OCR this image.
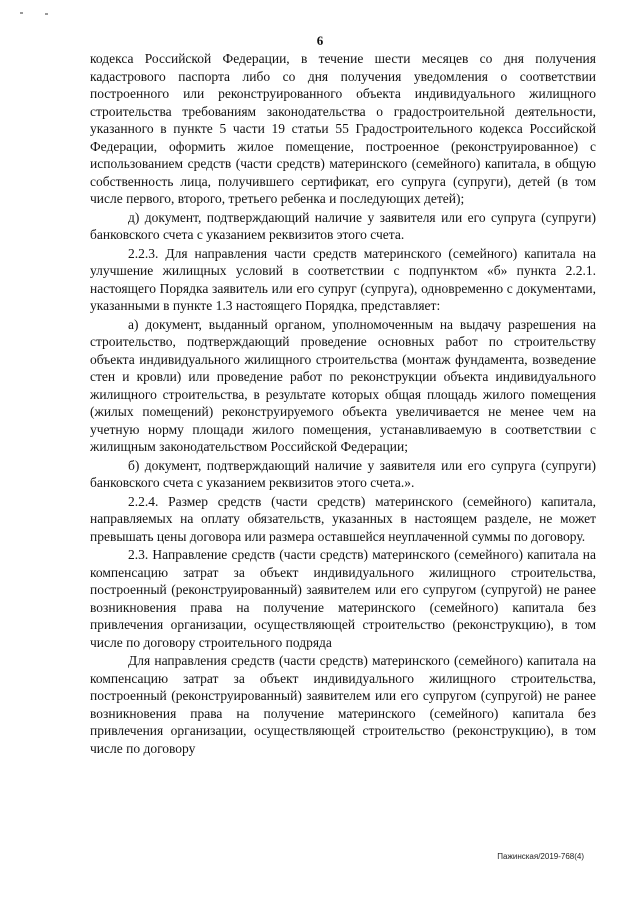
6

кодекса Российской Федерации, в течение шести месяцев со дня получения кадастрового паспорта либо со дня получения уведомления о соответствии построенного или реконструированного объекта индивидуального жилищного строительства требованиям законодательства о градостроительной деятельности, указанного в пункте 5 части 19 статьи 55 Градостроительного кодекса Российской Федерации, оформить жилое помещение, построенное (реконструированное) с использованием средств (части средств) материнского (семейного) капитала, в общую собственность лица, получившего сертификат, его супруга (супруги), детей (в том числе первого, второго, третьего ребенка и последующих детей);

д) документ, подтверждающий наличие у заявителя или его супруга (супруги) банковского счета с указанием реквизитов этого счета.

2.2.3. Для направления части средств материнского (семейного) капитала на улучшение жилищных условий в соответствии с подпунктом «б» пункта 2.2.1. настоящего Порядка заявитель или его супруг (супруга), одновременно с документами, указанными в пункте 1.3 настоящего Порядка, представляет:

а) документ, выданный органом, уполномоченным на выдачу разрешения на строительство, подтверждающий проведение основных работ по строительству объекта индивидуального жилищного строительства (монтаж фундамента, возведение стен и кровли) или проведение работ по реконструкции объекта индивидуального жилищного строительства, в результате которых общая площадь жилого помещения (жилых помещений) реконструируемого объекта увеличивается не менее чем на учетную норму площади жилого помещения, устанавливаемую в соответствии с жилищным законодательством Российской Федерации;

б) документ, подтверждающий наличие у заявителя или его супруга (супруги) банковского счета с указанием реквизитов этого счета.».

2.2.4. Размер средств (части средств) материнского (семейного) капитала, направляемых на оплату обязательств, указанных в настоящем разделе, не может превышать цены договора или размера оставшейся неуплаченной суммы по договору.

2.3. Направление средств (части средств) материнского (семейного) капитала на компенсацию затрат за объект индивидуального жилищного строительства, построенный (реконструированный) заявителем или его супругом (супругой) не ранее возникновения права на получение материнского (семейного) капитала без привлечения организации, осуществляющей строительство (реконструкцию), в том числе по договору строительного подряда

Для направления средств (части средств) материнского (семейного) капитала на компенсацию затрат за объект индивидуального жилищного строительства, построенный (реконструированный) заявителем или его супругом (супругой) не ранее возникновения права на получение материнского (семейного) капитала без привлечения организации, осуществляющей строительство (реконструкцию), в том числе по договору

Пажинская/2019-768(4)
